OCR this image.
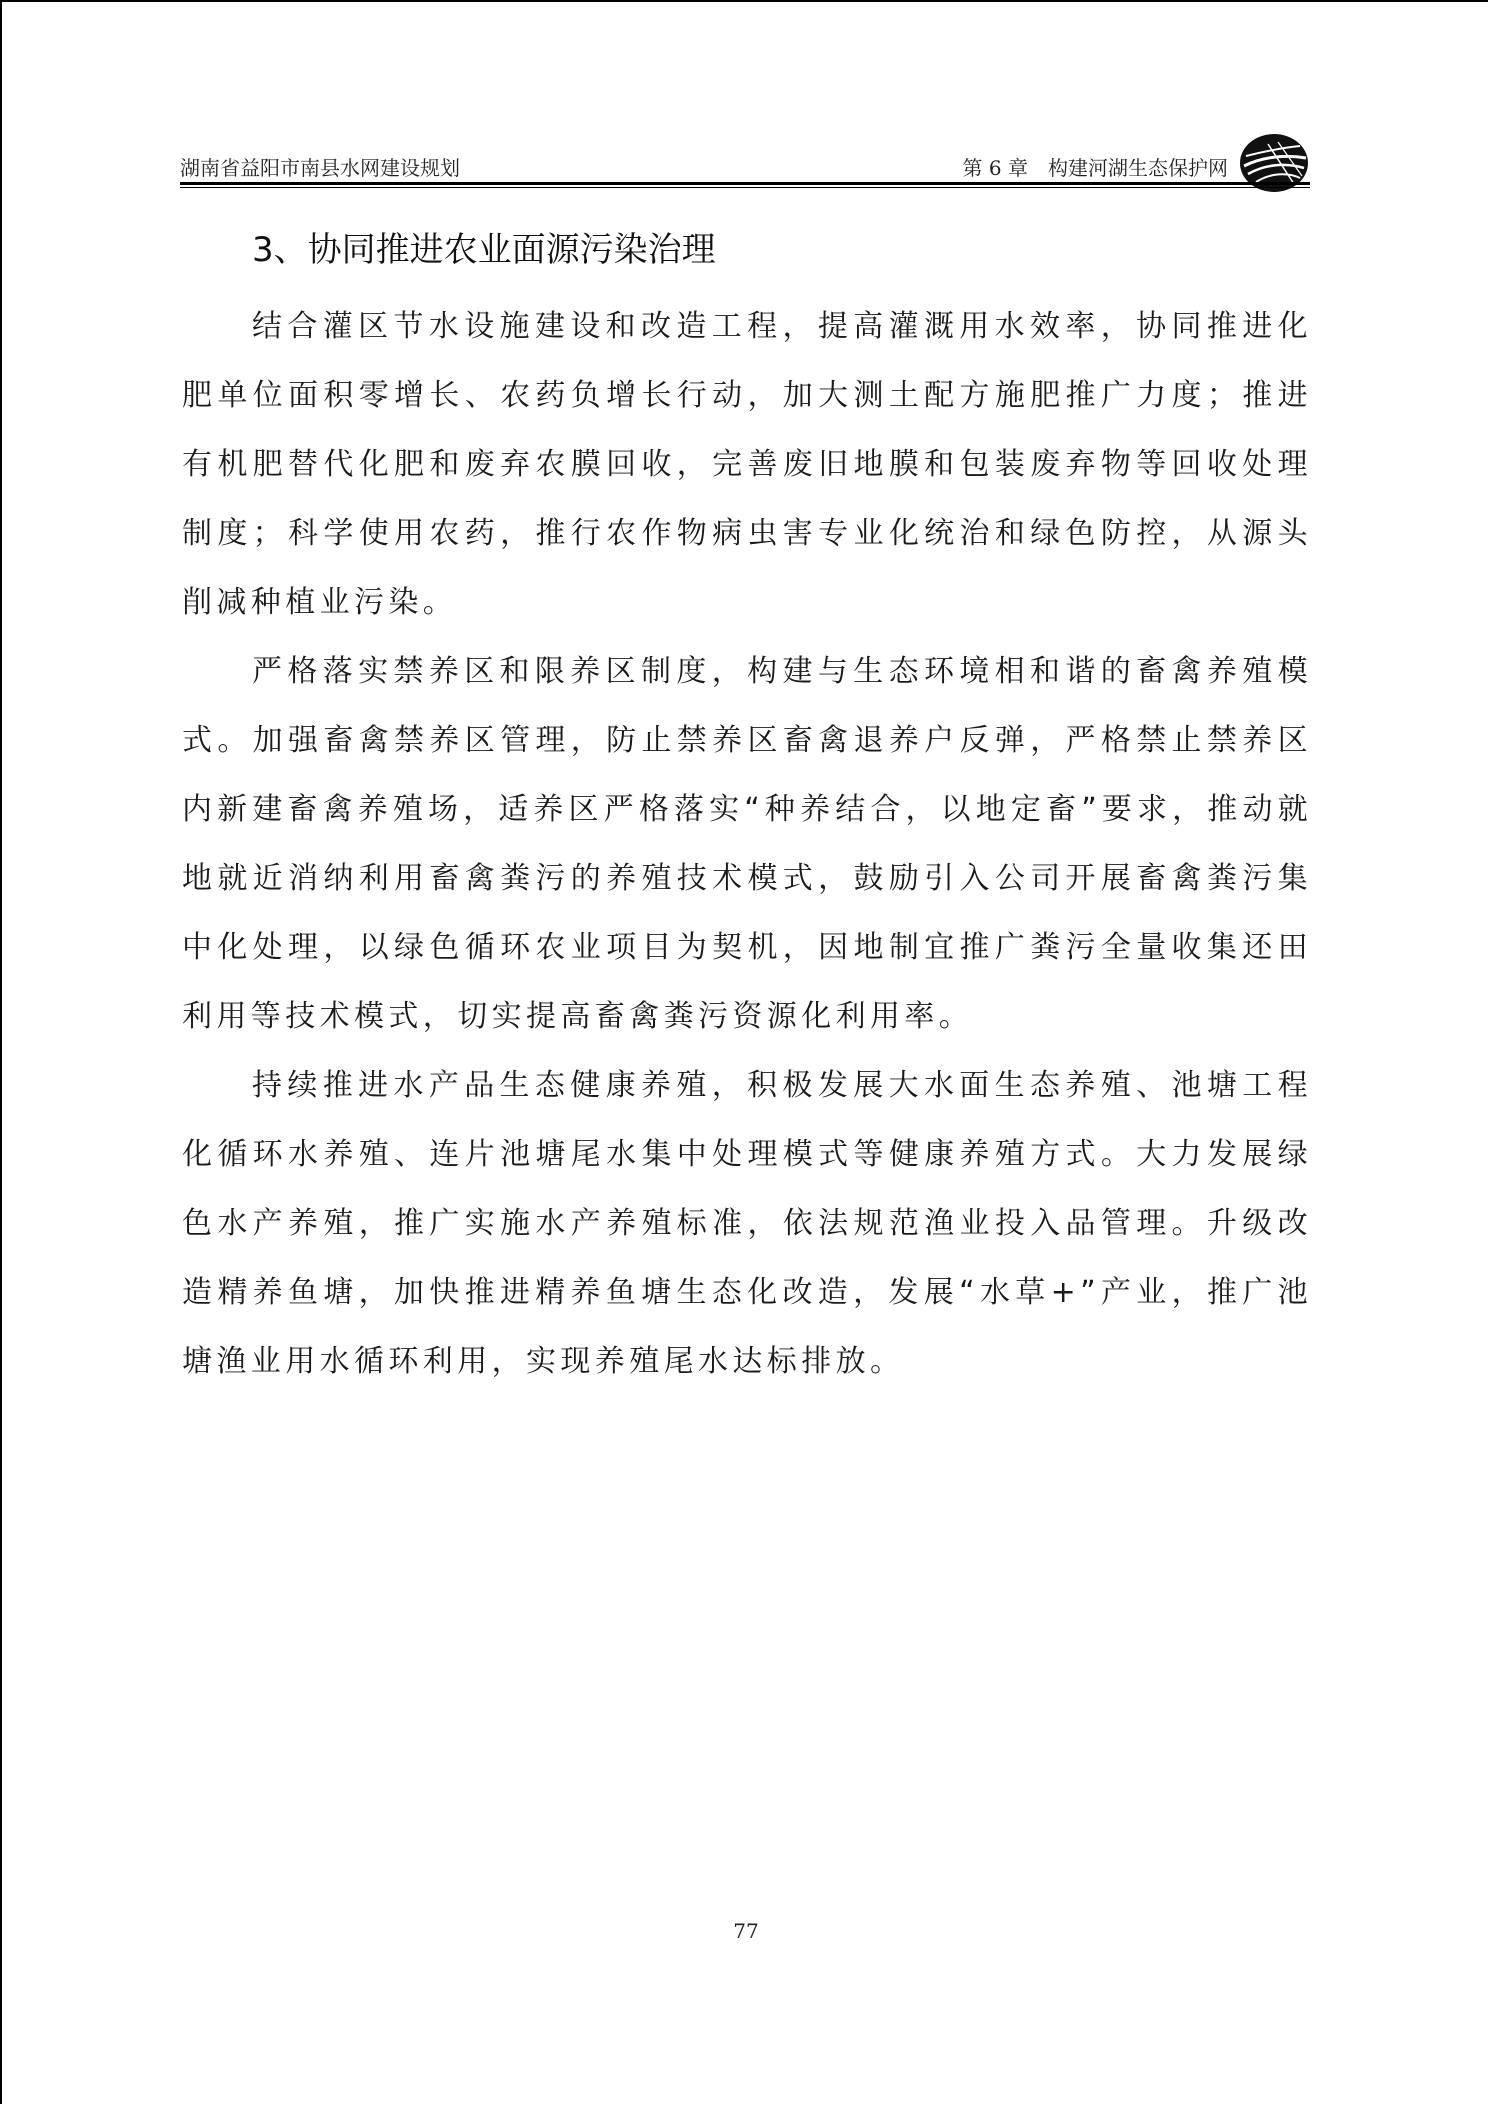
湖南省益阳市南县水网建设规划	第 6 章　构建河湖生态保护网
3、协同推进农业面源污染治理

结合灌区节水设施建设和改造工程，提高灌溉用水效率，协同推进化肥单位面积零增长、农药负增长行动，加大测土配方施肥推广力度；推进有机肥替代化肥和废弃农膜回收，完善废旧地膜和包装废弃物等回收处理制度；科学使用农药，推行农作物病虫害专业化统治和绿色防控，从源头削减种植业污染。

严格落实禁养区和限养区制度，构建与生态环境相和谐的畜禽养殖模式。加强畜禽禁养区管理，防止禁养区畜禽退养户反弹，严格禁止禁养区内新建畜禽养殖场，适养区严格落实“种养结合，以地定畜”要求，推动就地就近消纳利用畜禽粪污的养殖技术模式，鼓励引入公司开展畜禽粪污集中化处理，以绿色循环农业项目为契机，因地制宜推广粪污全量收集还田利用等技术模式，切实提高畜禽粪污资源化利用率。

持续推进水产品生态健康养殖，积极发展大水面生态养殖、池塘工程化循环水养殖、连片池塘尾水集中处理模式等健康养殖方式。大力发展绿色水产养殖，推广实施水产养殖标准，依法规范渔业投入品管理。升级改造精养鱼塘，加快推进精养鱼塘生态化改造，发展“水草+”产业，推广池塘渔业用水循环利用，实现养殖尾水达标排放。

77
